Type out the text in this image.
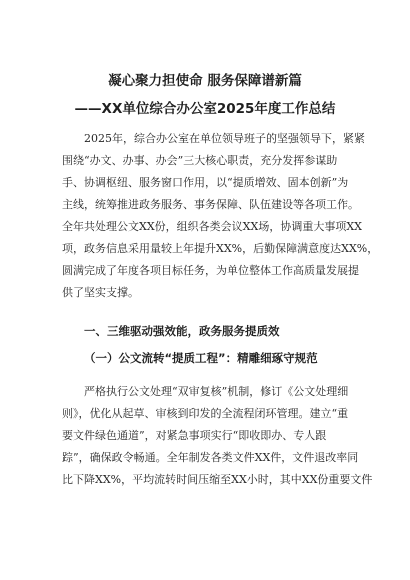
凝心聚力担使命 服务保障谱新篇
——XX单位综合办公室2025年度工作总结
2025年，综合办公室在单位领导班子的坚强领导下，紧紧
围绕“办文、办事、办会”三大核心职责，充分发挥参谋助
手、协调枢纽、服务窗口作用，以“提质增效、固本创新”为
主线，统筹推进政务服务、事务保障、队伍建设等各项工作。
全年共处理公文XX份，组织各类会议XX场，协调重大事项XX
项，政务信息采用量较上年提升XX%，后勤保障满意度达XX%，
圆满完成了年度各项目标任务，为单位整体工作高质量发展提
供了坚实支撑。
一、三维驱动强效能，政务服务提质效
（一）公文流转“提质工程”：精雕细琢守规范
严格执行公文处理“双审复核”机制，修订《公文处理细
则》，优化从起草、审核到印发的全流程闭环管理。建立“重
要文件绿色通道”，对紧急事项实行“即收即办、专人跟
踪”，确保政令畅通。全年制发各类文件XX件，文件退改率同
比下降XX%，平均流转时间压缩至XX小时，其中XX份重要文件
